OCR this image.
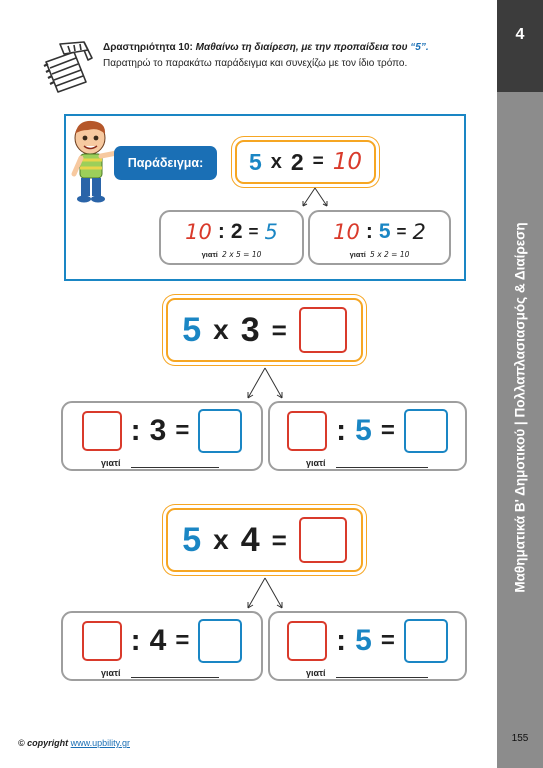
4
Μαθηματικά Β' Δημοτικού | Πολλαπλασιασμός & Διαίρεση
155
Δραστηριότητα 10: Μαθαίνω τη διαίρεση, με την προπαίδεια του “5”.
Παρατηρώ το παρακάτω παράδειγμα και συνεχίζω με τον ίδιο τρόπο.
Παράδειγμα:	5 x 2 = 10
10 : 2 = 5
γιατί 2 x 5 = 10
10 : 5 = 2
γιατί 5 x 2 = 10
5 x 3 =
: 3 =
γιατί
: 5 =
γιατί
5 x 4 =
: 4 =
γιατί
: 5 =
γιατί
© copyright www.upbility.gr
